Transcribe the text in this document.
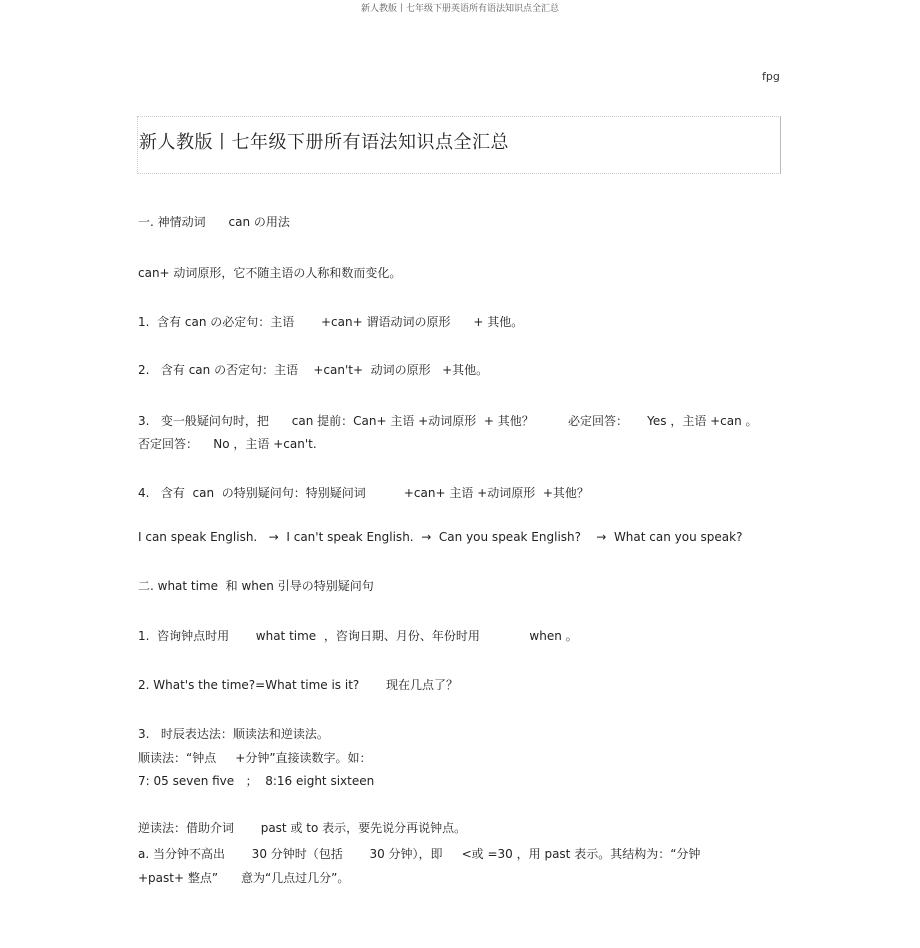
新人教版丨七年级下册英语所有语法知识点全汇总
fpg
新人教版丨七年级下册所有语法知识点全汇总
一. 神情动词      can の用法
can+ 动词原形，它不随主语の人称和数而变化。
1.  含有 can の必定句：主语       +can+ 谓语动词の原形      + 其他。
2.   含有 can の否定句：主语    +can't+  动词の原形   +其他。
3.   变一般疑问句时，把      can 提前：Can+ 主语 +动词原形  + 其他？         必定回答：     Yes ，主语 +can 。
否定回答：    No ，主语 +can't.
4.   含有  can  の特别疑问句：特别疑问词          +can+ 主语 +动词原形  +其他？
I can speak English.   →  I can't speak English.  →  Can you speak English?    →  What can you speak?
二. what time  和 when 引导の特别疑问句
1.  咨询钟点时用       what time  ，咨询日期、月份、年份时用             when 。
2. What's the time?=What time is it?       现在几点了？
3.   时辰表达法：顺读法和逆读法。
顺读法：“钟点     +分钟”直接读数字。如：
7: 05 seven five   ；  8:16 eight sixteen
逆读法：借助介词       past 或 to 表示，要先说分再说钟点。
a. 当分钟不高出       30 分钟时（包括       30 分钟），即     <或 =30 ，用 past 表示。其结构为：“分钟
+past+ 整点”      意为“几点过几分”。
